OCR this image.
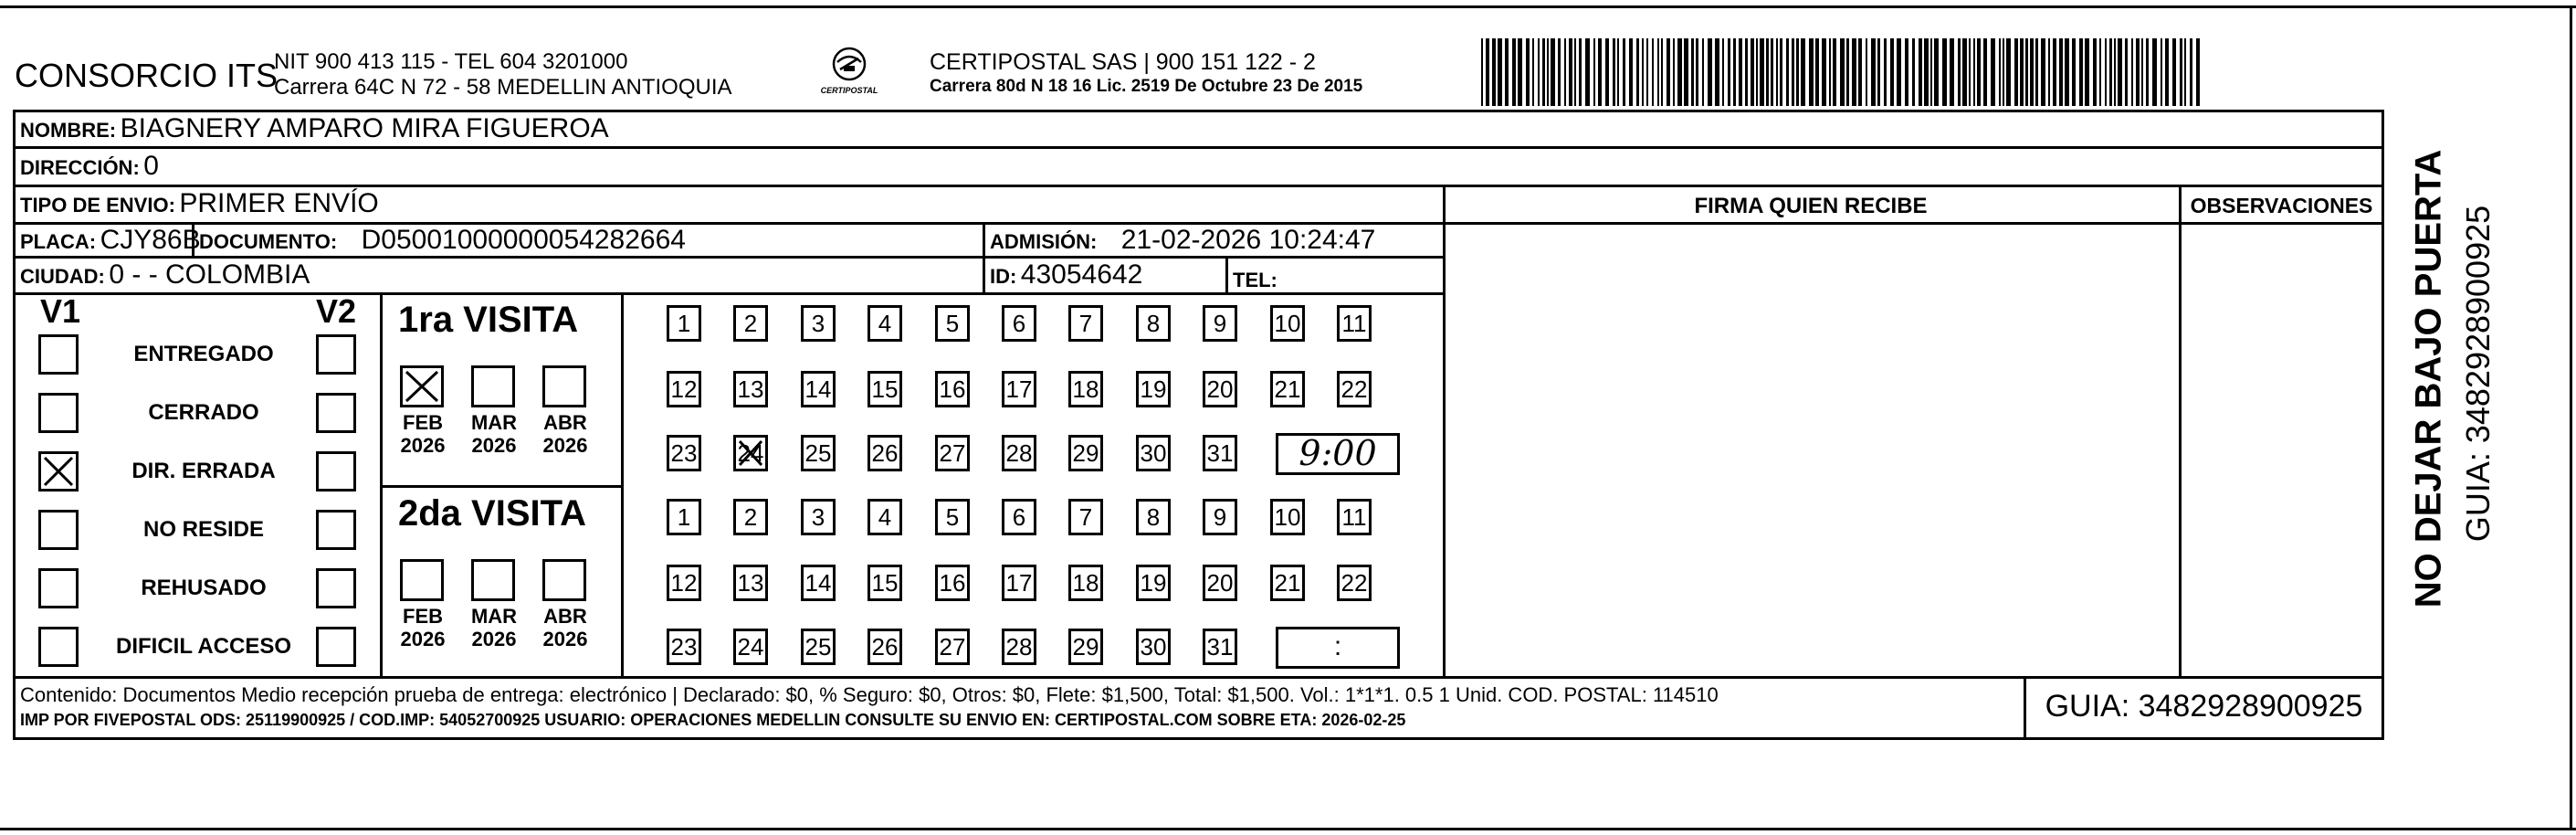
CONSORCIO ITS
NIT 900 413 115 - TEL 604 3201000
Carrera 64C N 72 - 58 MEDELLIN ANTIOQUIA	CERTIPOSTAL
CERTIPOSTAL SAS | 900 151 122 - 2
Carrera 80d N 18 16 Lic. 2519 De Octubre 23 De 2015
NOMBRE: BIAGNERY AMPARO MIRA FIGUEROA
DIRECCIÓN: 0
TIPO DE ENVIO: PRIMER ENVÍO	FIRMA QUIEN RECIBE	OBSERVACIONES
PLACA: CJY86B
DOCUMENTO: D05001000000054282664	ADMISIÓN: 21-02-2026 10:24:47
CIUDAD: 0 - - COLOMBIA	ID: 43054642	TEL:
V1	V2
ENTREGADO
CERRADO
DIR. ERRADA
NO RESIDE
REHUSADO
DIFICIL ACCESO
1ra VISITA
2da VISITA
FEB
2026
MAR
2026
ABR
2026
FEB
2026
MAR
2026
ABR
2026
1	2	3	4	5	6	7	8	9	10 11
12 13 14 15 16 17 18 19 20 21 22
23 24 25 26 27 28 29 30 31	9:00
1	2	3	4	5	6	7	8	9	10 11
12 13 14 15 16 17 18 19 20 21 22
23 24 25 26 27 28 29 30 31	:
Contenido: Documentos Medio recepción prueba de entrega: electrónico | Declarado: $0, % Seguro: $0, Otros: $0, Flete: $1,500, Total: $1,500. Vol.: 1*1*1. 0.5 1 Unid. COD. POSTAL: 114510
IMP POR FIVEPOSTAL ODS: 25119900925 / COD.IMP: 54052700925 USUARIO: OPERACIONES MEDELLIN CONSULTE SU ENVIO EN: CERTIPOSTAL.COM SOBRE ETA: 2026-02-25	GUIA: 3482928900925
NO DEJAR BAJO PUERTA GUIA: 3482928900925
